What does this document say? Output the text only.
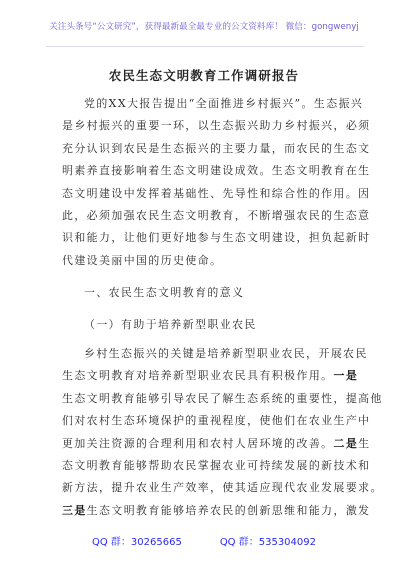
关注头条号“公文研究”，获得最新最全最专业的公文资料库！ 微信：gongwenyj
农民生态文明教育工作调研报告
党的XX大报告提出“全面推进乡村振兴”。生态振兴
是乡村振兴的重要一环，以生态振兴助力乡村振兴，必须
充分认识到农民是生态振兴的主要力量，而农民的生态文
明素养直接影响着生态文明建设成效。生态文明教育在生
态文明建设中发挥着基础性、先导性和综合性的作用。因
此，必须加强农民生态文明教育，不断增强农民的生态意
识和能力，让他们更好地参与生态文明建设，担负起新时
代建设美丽中国的历史使命。
一、农民生态文明教育的意义
（一）有助于培养新型职业农民
乡村生态振兴的关键是培养新型职业农民，开展农民
生态文明教育对培养新型职业农民具有积极作用。一是
生态文明教育能够引导农民了解生态系统的重要性，提高他
们对农村生态环境保护的重视程度，使他们在农业生产中
更加关注资源的合理利用和农村人居环境的改善。二是生
态文明教育能够帮助农民掌握农业可持续发展的新技术和
新方法，提升农业生产效率，使其适应现代农业发展要求。
三是生态文明教育能够培养农民的创新思维和能力，激发
QQ 群：30265665	QQ 群：535304092
